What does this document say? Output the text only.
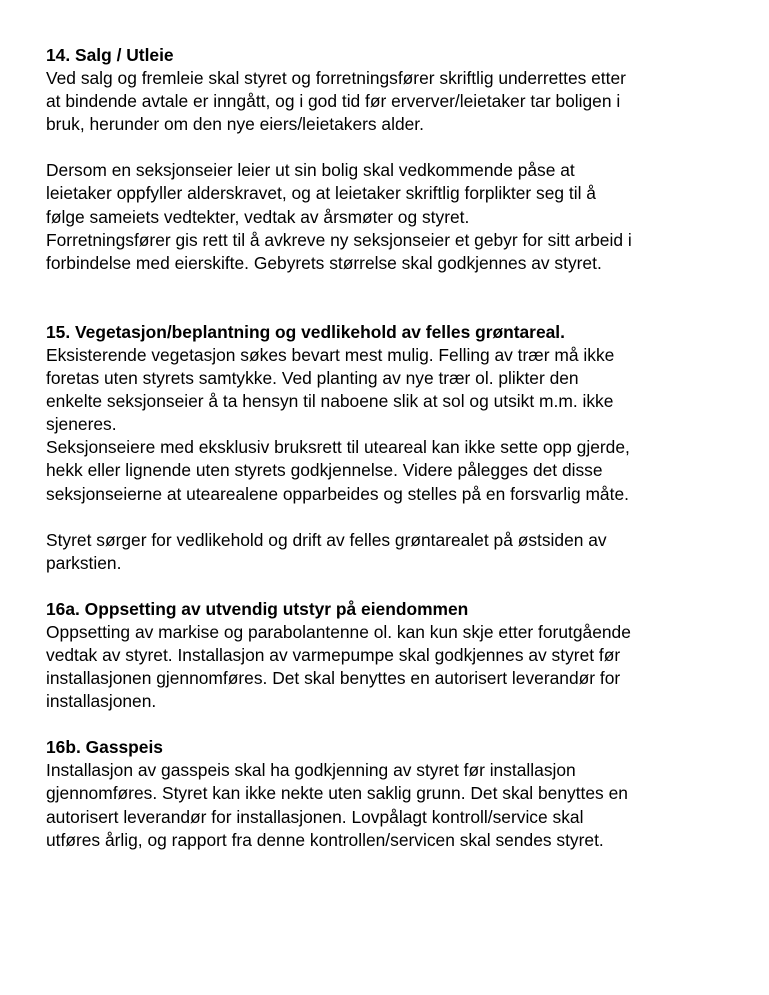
14. Salg / Utleie
Ved salg og fremleie skal styret og forretningsfører skriftlig underrettes etter
at bindende avtale er inngått, og i god tid før erverver/leietaker tar boligen i
bruk, herunder om den nye eiers/leietakers alder.
Dersom en seksjonseier leier ut sin bolig skal vedkommende påse at
leietaker oppfyller alderskravet, og at leietaker skriftlig forplikter seg til å
følge sameiets vedtekter, vedtak av årsmøter og styret.
Forretningsfører gis rett til å avkreve ny seksjonseier et gebyr for sitt arbeid i
forbindelse med eierskifte. Gebyrets størrelse skal godkjennes av styret.
15. Vegetasjon/beplantning og vedlikehold av felles grøntareal.
Eksisterende vegetasjon søkes bevart mest mulig. Felling av trær må ikke
foretas uten styrets samtykke. Ved planting av nye trær ol. plikter den
enkelte seksjonseier å ta hensyn til naboene slik at sol og utsikt m.m. ikke
sjeneres.
Seksjonseiere med eksklusiv bruksrett til uteareal kan ikke sette opp gjerde,
hekk eller lignende uten styrets godkjennelse. Videre pålegges det disse
seksjonseierne at utearealene opparbeides og stelles på en forsvarlig måte.
Styret sørger for vedlikehold og drift av felles grøntarealet på østsiden av
parkstien.
16a. Oppsetting av utvendig utstyr på eiendommen
Oppsetting av markise og parabolantenne ol. kan kun skje etter forutgående
vedtak av styret. Installasjon av varmepumpe skal godkjennes av styret før
installasjonen gjennomføres. Det skal benyttes en autorisert leverandør for
installasjonen.
16b. Gasspeis
Installasjon av gasspeis skal ha godkjenning av styret før installasjon
gjennomføres. Styret kan ikke nekte uten saklig grunn. Det skal benyttes en
autorisert leverandør for installasjonen. Lovpålagt kontroll/service skal
utføres årlig, og rapport fra denne kontrollen/servicen skal sendes styret.
